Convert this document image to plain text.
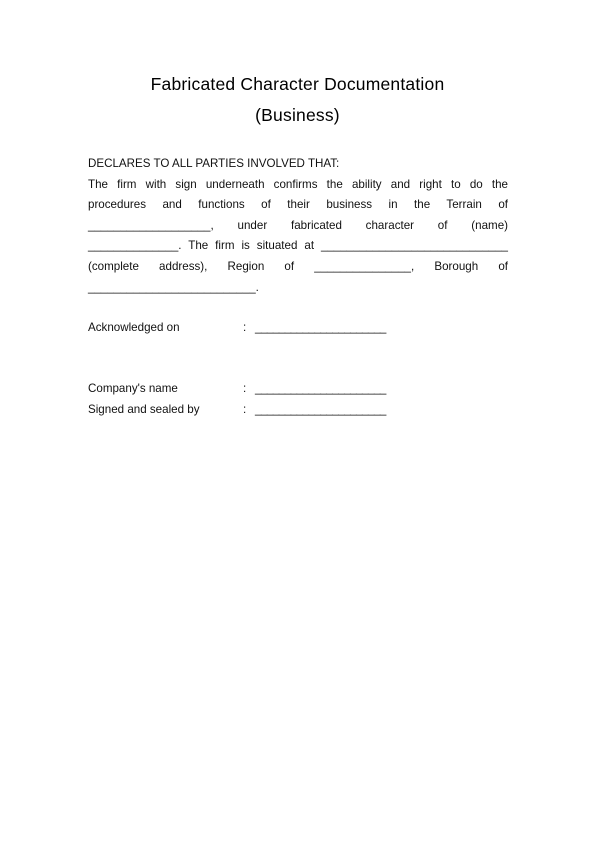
Fabricated Character Documentation
(Business)
DECLARES TO ALL PARTIES INVOLVED THAT:
The firm with sign underneath confirms the ability and right to do the
procedures and functions of their business in the Terrain of
___________________, under fabricated character of (name)
______________. The firm is situated at _____________________________
(complete address), Region of _______________, Borough of
__________________________.
Acknowledged on	: ______________________
Company's name	: ______________________
Signed and sealed by	: ______________________
